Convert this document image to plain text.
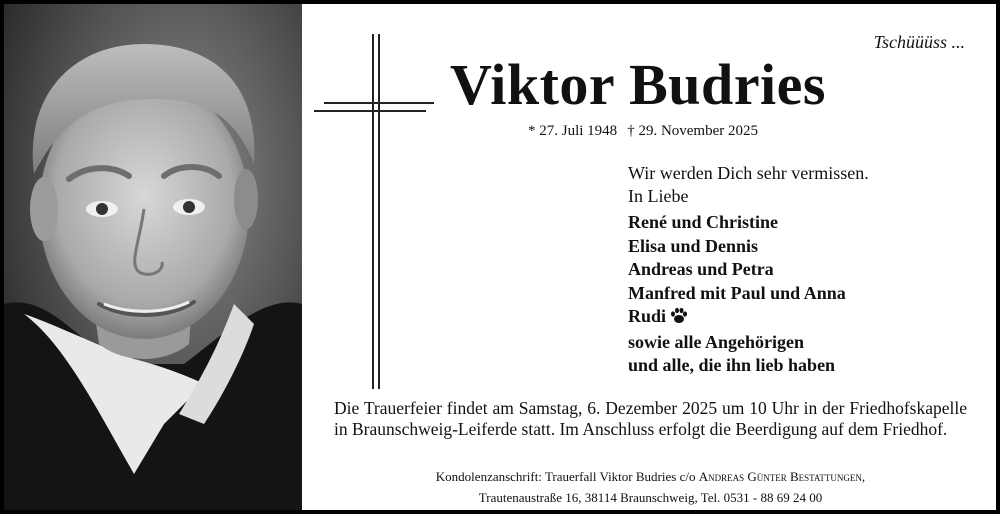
Tschüüüss ...
Viktor Budries
* 27. Juli 1948 † 29. November 2025
Wir werden Dich sehr vermissen.
In Liebe
René und Christine
Elisa und Dennis
Andreas und Petra
Manfred mit Paul und Anna
Rudi
sowie alle Angehörigen
und alle, die ihn lieb haben
Die Trauerfeier findet am Samstag, 6. Dezember 2025 um 10 Uhr in der Friedhofskapelle in Braunschweig-Leiferde statt. Im Anschluss erfolgt die Beerdigung auf dem Friedhof.
Kondolenzanschrift: Trauerfall Viktor Budries c/o Andreas Günter Bestattungen,
Trautenaustraße 16, 38114 Braunschweig, Tel. 0531 - 88 69 24 00
